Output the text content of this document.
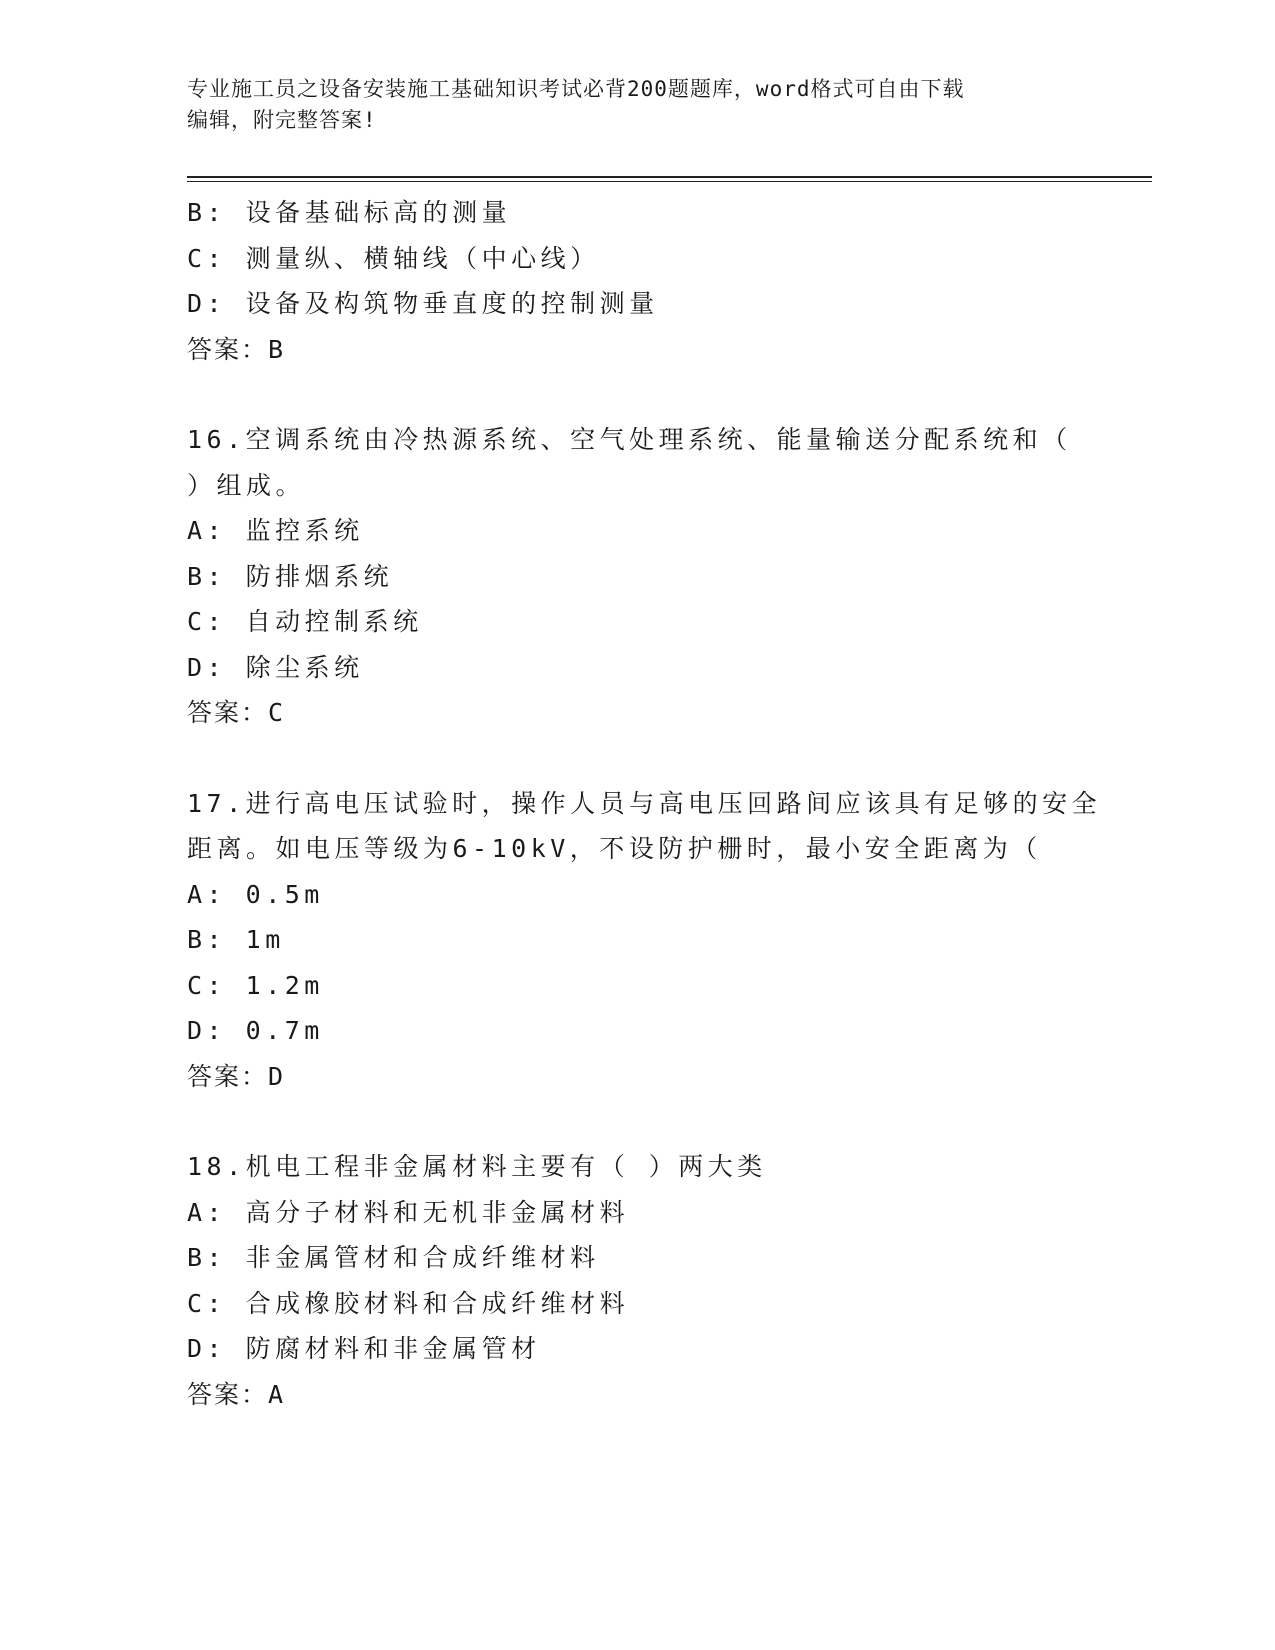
专业施工员之设备安装施工基础知识考试必背200题题库，word格式可自由下载
编辑，附完整答案!
B: 设备基础标高的测量
C: 测量纵、横轴线（中心线）
D: 设备及构筑物垂直度的控制测量
答案：B
16.空调系统由冷热源系统、空气处理系统、能量输送分配系统和（
）组成。
A: 监控系统
B: 防排烟系统
C: 自动控制系统
D: 除尘系统
答案：C
17.进行高电压试验时，操作人员与高电压回路间应该具有足够的安全
距离。如电压等级为6-10kV，不设防护栅时，最小安全距离为（
A: 0.5m
B: 1m
C: 1.2m
D: 0.7m
答案：D
18.机电工程非金属材料主要有（ ）两大类
A: 高分子材料和无机非金属材料
B: 非金属管材和合成纤维材料
C: 合成橡胶材料和合成纤维材料
D: 防腐材料和非金属管材
答案：A
